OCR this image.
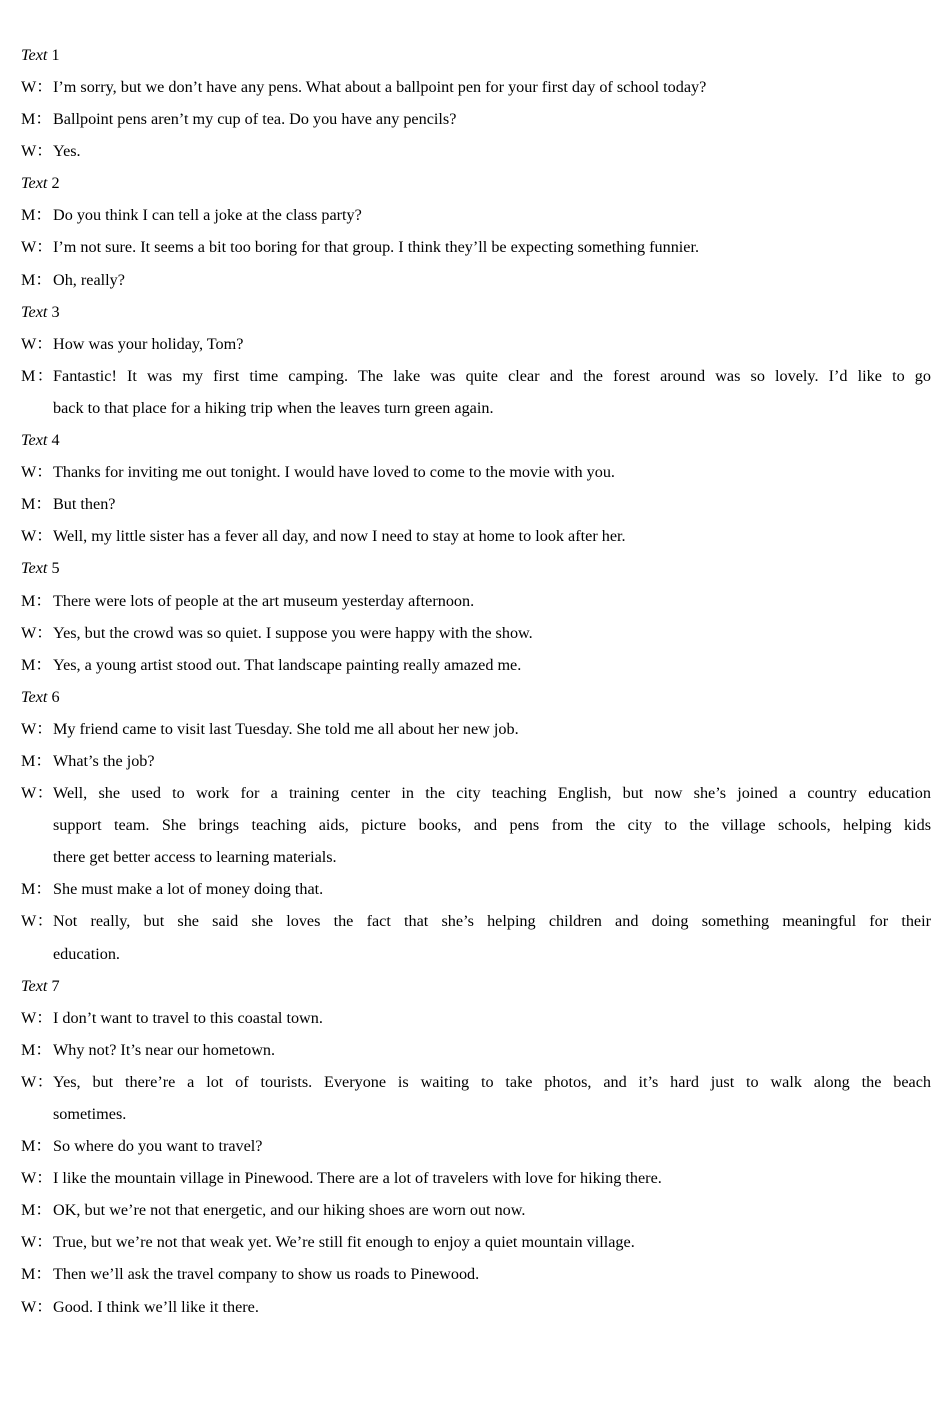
Text 1
W： I’m sorry, but we don’t have any pens. What about a ballpoint pen for your first day of school today?
M： Ballpoint pens aren’t my cup of tea. Do you have any pencils?
W： Yes.
Text 2
M： Do you think I can tell a joke at the class party?
W： I’m not sure. It seems a bit too boring for that group. I think they’ll be expecting something funnier.
M： Oh, really?
Text 3
W： How was your holiday, Tom?
M： Fantastic! It was my first time camping. The lake was quite clear and the forest around was so lovely. I’d like to go
back to that place for a hiking trip when the leaves turn green again.
Text 4
W： Thanks for inviting me out tonight. I would have loved to come to the movie with you.
M： But then?
W： Well, my little sister has a fever all day, and now I need to stay at home to look after her.
Text 5
M： There were lots of people at the art museum yesterday afternoon.
W： Yes, but the crowd was so quiet. I suppose you were happy with the show.
M： Yes, a young artist stood out. That landscape painting really amazed me.
Text 6
W： My friend came to visit last Tuesday. She told me all about her new job.
M： What’s the job?
W： Well, she used to work for a training center in the city teaching English, but now she’s joined a country education
support team. She brings teaching aids, picture books, and pens from the city to the village schools, helping kids
there get better access to learning materials.
M： She must make a lot of money doing that.
W： Not really, but she said she loves the fact that she’s helping children and doing something meaningful for their
education.
Text 7
W： I don’t want to travel to this coastal town.
M： Why not? It’s near our hometown.
W： Yes, but there’re a lot of tourists. Everyone is waiting to take photos, and it’s hard just to walk along the beach
sometimes.
M： So where do you want to travel?
W： I like the mountain village in Pinewood. There are a lot of travelers with love for hiking there.
M： OK, but we’re not that energetic, and our hiking shoes are worn out now.
W： True, but we’re not that weak yet. We’re still fit enough to enjoy a quiet mountain village.
M： Then we’ll ask the travel company to show us roads to Pinewood.
W： Good. I think we’ll like it there.
